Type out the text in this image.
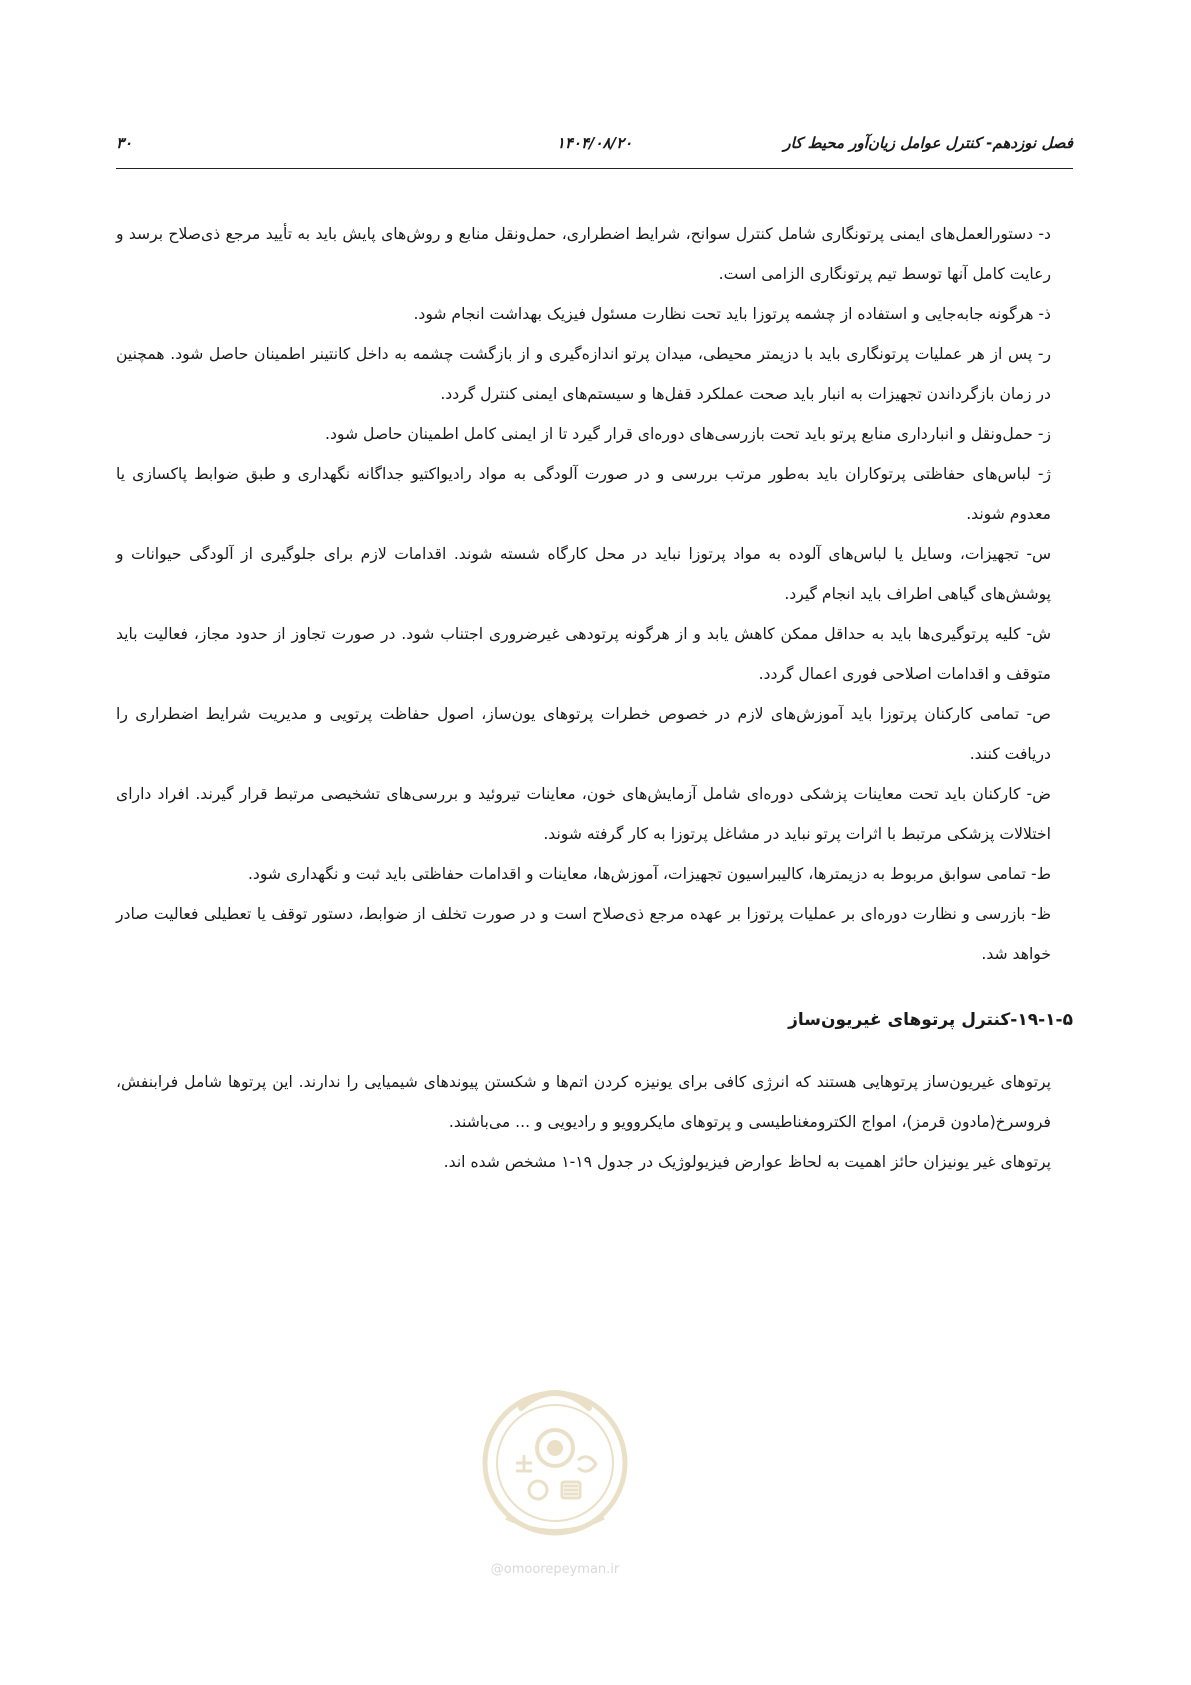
فصل نوزدهم- کنترل عوامل زیان‌آور محیط کار
۱۴۰۴/۰۸/۲۰
۳۰

د- دستورالعمل‌های ایمنی پرتونگاری شامل کنترل سوانح، شرایط اضطراری، حمل‌ونقل منابع و روش‌های پایش باید به تأیید مرجع ذی‌صلاح برسد و رعایت کامل آنها توسط تیم پرتونگاری الزامی است.

ذ- هرگونه جابه‌جایی و استفاده از چشمه پرتوزا باید تحت نظارت مسئول فیزیک بهداشت انجام شود.

ر- پس از هر عملیات پرتونگاری باید با دزیمتر محیطی، میدان پرتو اندازه‌گیری و از بازگشت چشمه به داخل کانتینر اطمینان حاصل شود. همچنین در زمان بازگرداندن تجهیزات به انبار باید صحت عملکرد قفل‌ها و سیستم‌های ایمنی کنترل گردد.

ز- حمل‌ونقل و انبارداری منابع پرتو باید تحت بازرسی‌های دوره‌ای قرار گیرد تا از ایمنی کامل اطمینان حاصل شود.

ژ- لباس‌های حفاظتی پرتوکاران باید به‌طور مرتب بررسی و در صورت آلودگی به مواد رادیواکتیو جداگانه نگهداری و طبق ضوابط پاکسازی یا معدوم شوند.

س- تجهیزات، وسایل یا لباس‌های آلوده به مواد پرتوزا نباید در محل کارگاه شسته شوند. اقدامات لازم برای جلوگیری از آلودگی حیوانات و پوشش‌های گیاهی اطراف باید انجام گیرد.

ش- کلیه پرتوگیری‌ها باید به حداقل ممکن کاهش یابد و از هرگونه پرتودهی غیرضروری اجتناب شود. در صورت تجاوز از حدود مجاز، فعالیت باید متوقف و اقدامات اصلاحی فوری اعمال گردد.

ص- تمامی کارکنان پرتوزا باید آموزش‌های لازم در خصوص خطرات پرتوهای یون‌ساز، اصول حفاظت پرتویی و مدیریت شرایط اضطراری را دریافت کنند.

ض- کارکنان باید تحت معاینات پزشکی دوره‌ای شامل آزمایش‌های خون، معاینات تیروئید و بررسی‌های تشخیصی مرتبط قرار گیرند. افراد دارای اختلالات پزشکی مرتبط با اثرات پرتو نباید در مشاغل پرتوزا به کار گرفته شوند.

ط- تمامی سوابق مربوط به دزیمترها، کالیبراسیون تجهیزات، آموزش‌ها، معاینات و اقدامات حفاظتی باید ثبت و نگهداری شود.

ظ- بازرسی و نظارت دوره‌ای بر عملیات پرتوزا بر عهده مرجع ذی‌صلاح است و در صورت تخلف از ضوابط، دستور توقف یا تعطیلی فعالیت صادر خواهد شد.

۱۹-۱-۵-کنترل پرتوهای غیریون‌ساز

پرتوهای غیریون‌ساز پرتوهایی هستند که انرژی کافی برای یونیزه کردن اتم‌ها و شکستن پیوندهای شیمیایی را ندارند. این پرتوها شامل فرابنفش، فروسرخ(مادون قرمز)، امواج الکترومغناطیسی و پرتوهای مایکروویو و رادیویی و ... می‌باشند.

پرتوهای غیر یونیزان حائز اهمیت به لحاظ عوارض فیزیولوژیک در جدول ۱۹-۱ مشخص شده اند.

@omoorepeyman.ir
